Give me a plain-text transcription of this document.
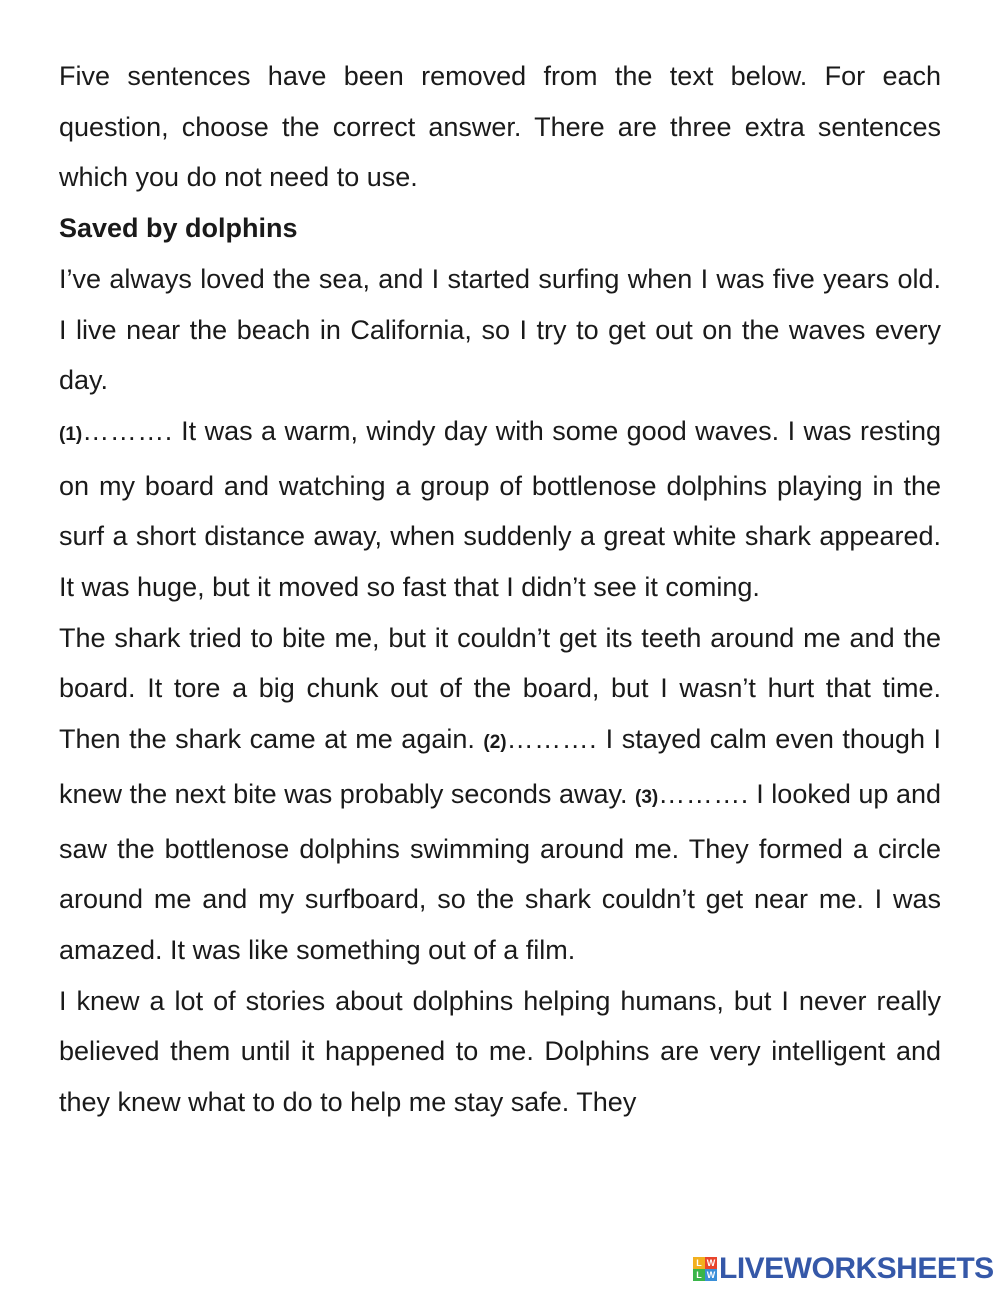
Five sentences have been removed from the text below. For each question, choose the correct answer. There are three extra sentences which you do not need to use.

Saved by dolphins

I’ve always loved the sea, and I started surfing when I was five years old. I live near the beach in California, so I try to get out on the waves every day.

(1)………. It was a warm, windy day with some good waves. I was resting on my board and watching a group of bottlenose dolphins playing in the surf a short distance away, when suddenly a great white shark appeared. It was huge, but it moved so fast that I didn’t see it coming.

The shark tried to bite me, but it couldn’t get its teeth around me and the board. It tore a big chunk out of the board, but I wasn’t hurt that time. Then the shark came at me again. (2)………. I stayed calm even though I knew the next bite was probably seconds away. (3)………. I looked up and saw the bottlenose dolphins swimming around me. They formed a circle around me and my surfboard, so the shark couldn’t get near me. I was amazed. It was like something out of a film.

I knew a lot of stories about dolphins helping humans, but I never really believed them until it happened to me. Dolphins are very intelligent and they knew what to do to help me stay safe. They

L W
L W LIVEWORKSHEETS
